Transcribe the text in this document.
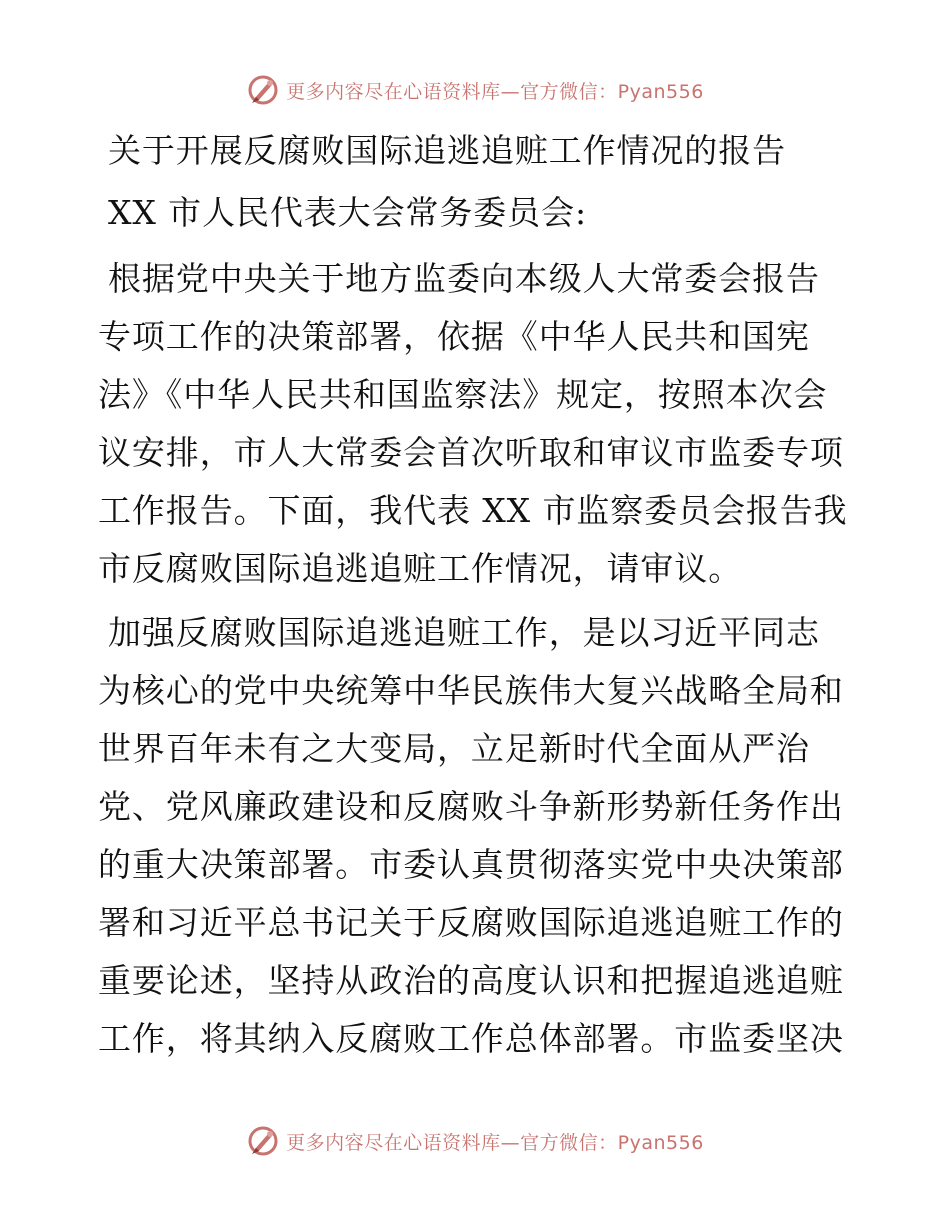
更多内容尽在心语资料库—官方微信：Pyan556
关于开展反腐败国际追逃追赃工作情况的报告
XX 市人民代表大会常务委员会:
根据党中央关于地方监委向本级人大常委会报告
专项工作的决策部署，依据《中华人民共和国宪
法》《中华人民共和国监察法》规定，按照本次会
议安排，市人大常委会首次听取和审议市监委专项
工作报告。下面，我代表 XX 市监察委员会报告我
市反腐败国际追逃追赃工作情况，请审议。
加强反腐败国际追逃追赃工作，是以习近平同志
为核心的党中央统筹中华民族伟大复兴战略全局和
世界百年未有之大变局，立足新时代全面从严治
党、党风廉政建设和反腐败斗争新形势新任务作出
的重大决策部署。市委认真贯彻落实党中央决策部
署和习近平总书记关于反腐败国际追逃追赃工作的
重要论述，坚持从政治的高度认识和把握追逃追赃
工作，将其纳入反腐败工作总体部署。市监委坚决
更多内容尽在心语资料库—官方微信：Pyan556
